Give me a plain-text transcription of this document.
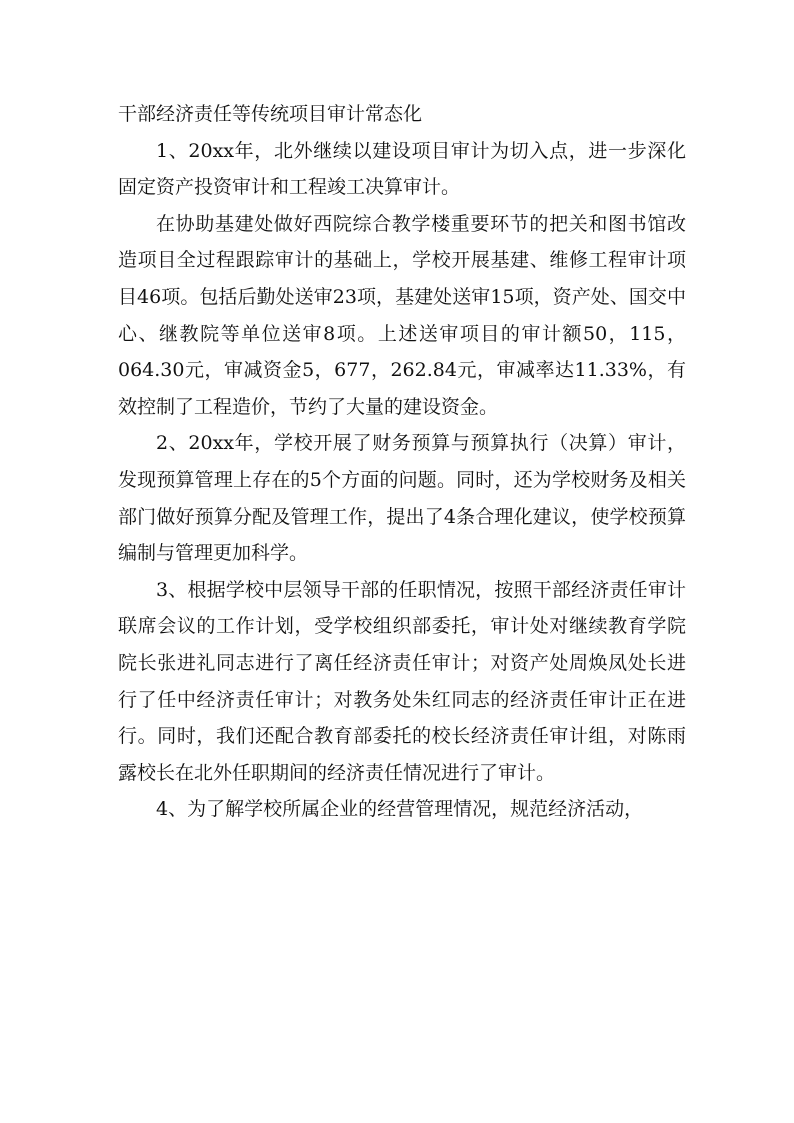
干部经济责任等传统项目审计常态化

1、20xx年，北外继续以建设项目审计为切入点，进一步深化固定资产投资审计和工程竣工决算审计。

在协助基建处做好西院综合教学楼重要环节的把关和图书馆改造项目全过程跟踪审计的基础上，学校开展基建、维修工程审计项目46项。包括后勤处送审23项，基建处送审15项，资产处、国交中心、继教院等单位送审8项。上述送审项目的审计额50，115，064.30元，审减资金5，677，262.84元，审减率达11.33%，有效控制了工程造价，节约了大量的建设资金。

2、20xx年，学校开展了财务预算与预算执行（决算）审计，发现预算管理上存在的5个方面的问题。同时，还为学校财务及相关部门做好预算分配及管理工作，提出了4条合理化建议，使学校预算编制与管理更加科学。

3、根据学校中层领导干部的任职情况，按照干部经济责任审计联席会议的工作计划，受学校组织部委托，审计处对继续教育学院院长张进礼同志进行了离任经济责任审计；对资产处周焕凤处长进行了任中经济责任审计；对教务处朱红同志的经济责任审计正在进行。同时，我们还配合教育部委托的校长经济责任审计组，对陈雨露校长在北外任职期间的经济责任情况进行了审计。

4、为了解学校所属企业的经营管理情况，规范经济活动，
